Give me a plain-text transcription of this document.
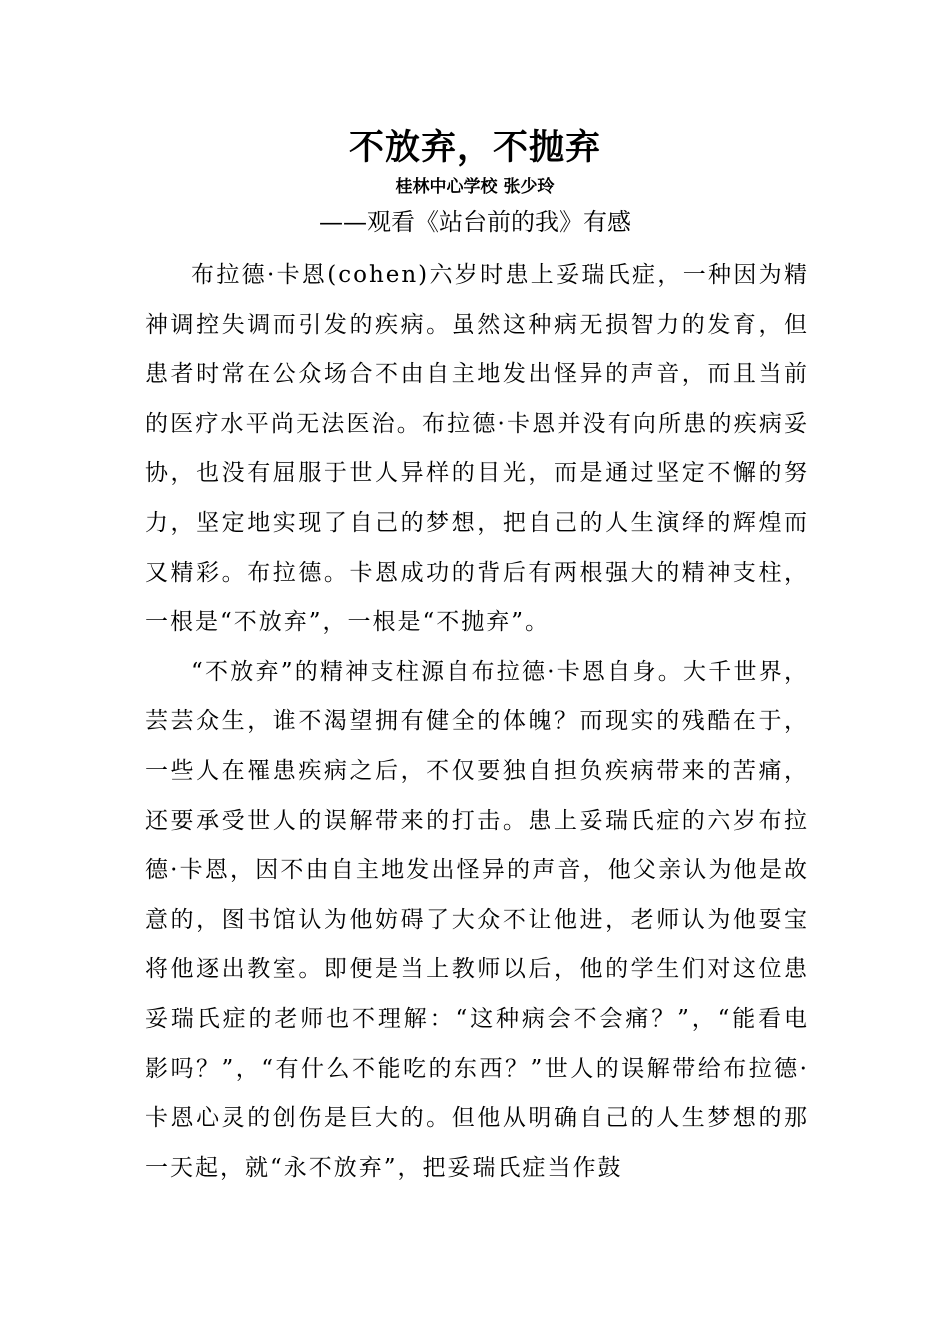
不放弃，不抛弃
桂林中心学校 张少玲
——观看《站台前的我》有感

布拉德·卡恩(cohen)六岁时患上妥瑞氏症，一种因为精神调控失调而引发的疾病。虽然这种病无损智力的发育，但患者时常在公众场合不由自主地发出怪异的声音，而且当前的医疗水平尚无法医治。布拉德·卡恩并没有向所患的疾病妥协，也没有屈服于世人异样的目光，而是通过坚定不懈的努力，坚定地实现了自己的梦想，把自己的人生演绎的辉煌而又精彩。布拉德。卡恩成功的背后有两根强大的精神支柱，一根是“不放弃”，一根是“不抛弃”。

“不放弃”的精神支柱源自布拉德·卡恩自身。大千世界，芸芸众生，谁不渴望拥有健全的体魄？而现实的残酷在于，一些人在罹患疾病之后，不仅要独自担负疾病带来的苦痛，还要承受世人的误解带来的打击。患上妥瑞氏症的六岁布拉德·卡恩，因不由自主地发出怪异的声音，他父亲认为他是故意的，图书馆认为他妨碍了大众不让他进，老师认为他耍宝将他逐出教室。即便是当上教师以后，他的学生们对这位患妥瑞氏症的老师也不理解：“这种病会不会痛？”，“能看电影吗？”，“有什么不能吃的东西？”世人的误解带给布拉德·卡恩心灵的创伤是巨大的。但他从明确自己的人生梦想的那一天起，就“永不放弃”，把妥瑞氏症当作鼓
